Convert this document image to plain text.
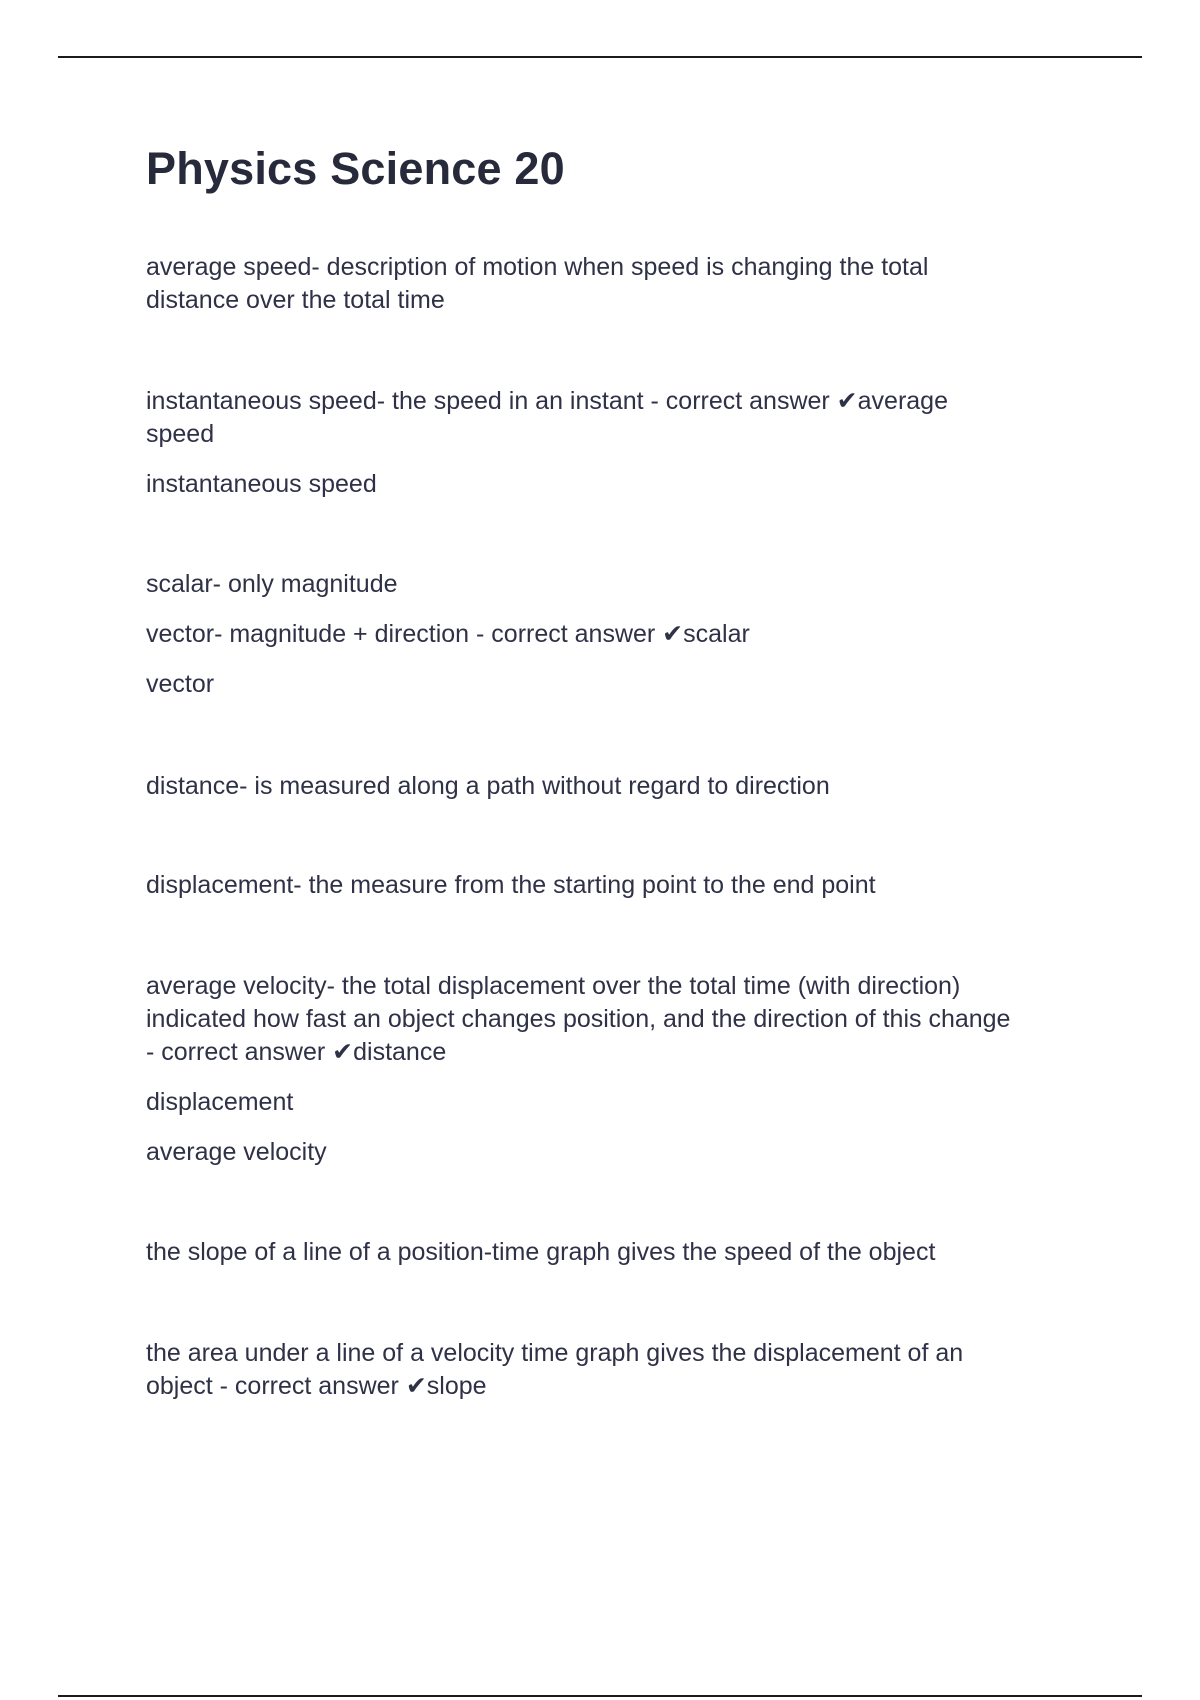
Physics Science 20

average speed- description of motion when speed is changing the total

distance over the total time

instantaneous speed- the speed in an instant - correct answer ✔average

speed

instantaneous speed

scalar- only magnitude

vector- magnitude + direction - correct answer ✔scalar

vector

distance- is measured along a path without regard to direction

displacement- the measure from the starting point to the end point

average velocity- the total displacement over the total time (with direction)

indicated how fast an object changes position, and the direction of this change

- correct answer ✔distance

displacement

average velocity

the slope of a line of a position-time graph gives the speed of the object

the area under a line of a velocity time graph gives the displacement of an

object - correct answer ✔slope
